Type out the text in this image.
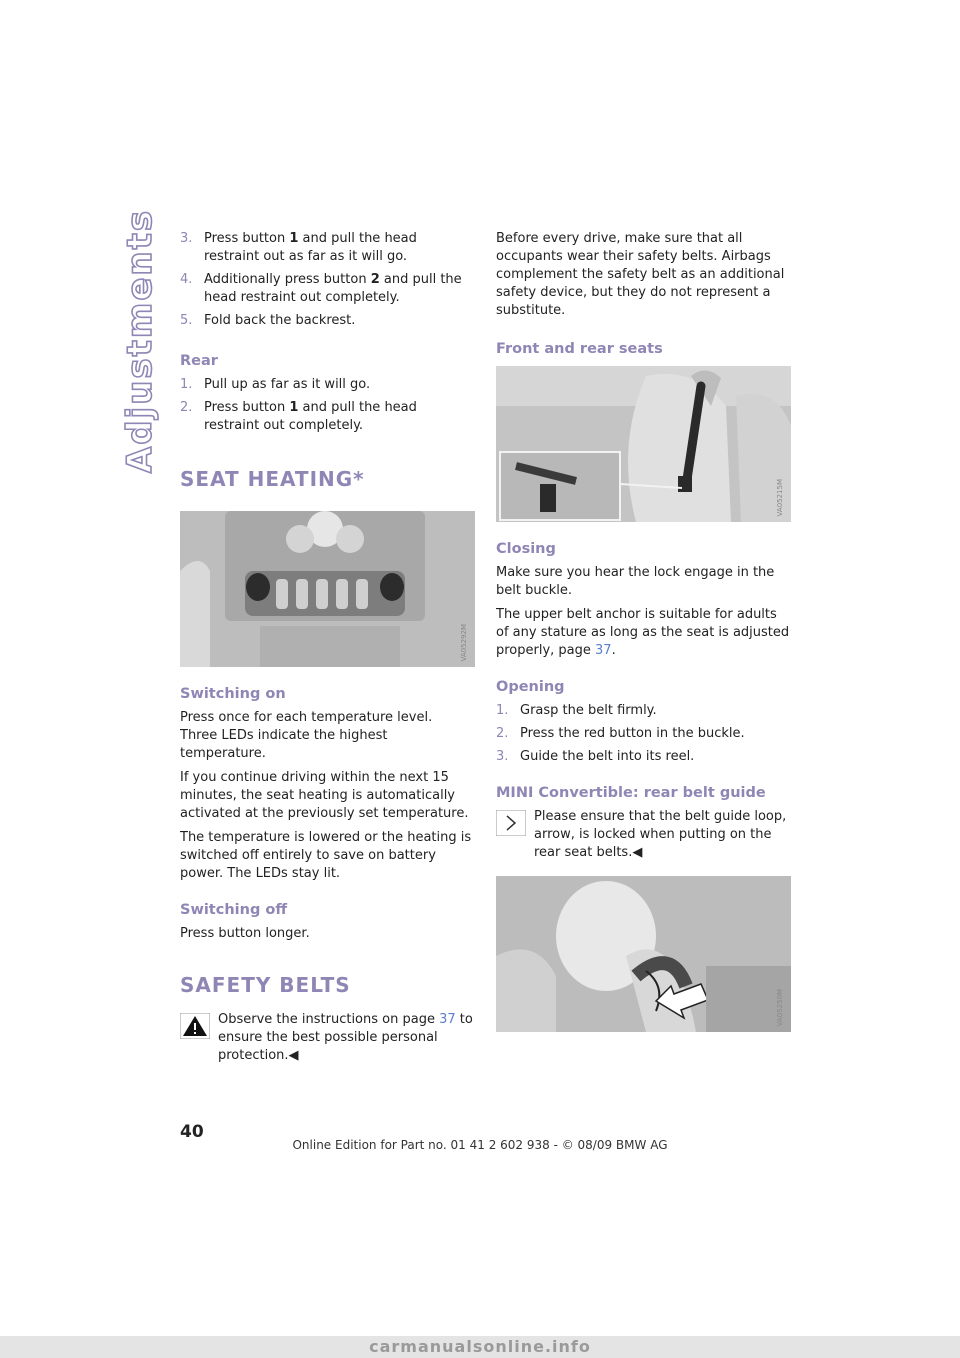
Adjustments 3. Press button 1 and pull the head restraint out as far as it will go.
4. Additionally press button 2 and pull the head restraint out completely.
5. Fold back the backrest.
Rear
1. Pull up as far as it will go.
2. Press button 1 and pull the head restraint out completely.
SEAT HEATING*
VA05292M
Switching on

Press once for each temperature level.
Three LEDs indicate the highest temperature.

If you continue driving within the next 15 minutes, the seat heating is automatically activated at the previously set temperature.

The temperature is lowered or the heating is switched off entirely to save on battery power. The LEDs stay lit.

Switching off

Press button longer.

SAFETY BELTS

Observe the instructions on page 37 to ensure the best possible personal protection.◀

Before every drive, make sure that all occupants wear their safety belts. Airbags complement the safety belt as an additional safety device, but they do not represent a substitute.

Front and rear seats
VA05215M
Closing

Make sure you hear the lock engage in the belt buckle.

The upper belt anchor is suitable for adults of any stature as long as the seat is adjusted properly, page 37.

Opening
1. Grasp the belt firmly.
2. Press the red button in the buckle.
3. Guide the belt into its reel.
MINI Convertible: rear belt guide

Please ensure that the belt guide loop, arrow, is locked when putting on the rear seat belts.◀

VA05250M
40
Online Edition for Part no. 01 41 2 602 938 - © 08/09 BMW AG
carmanualsonline.info
